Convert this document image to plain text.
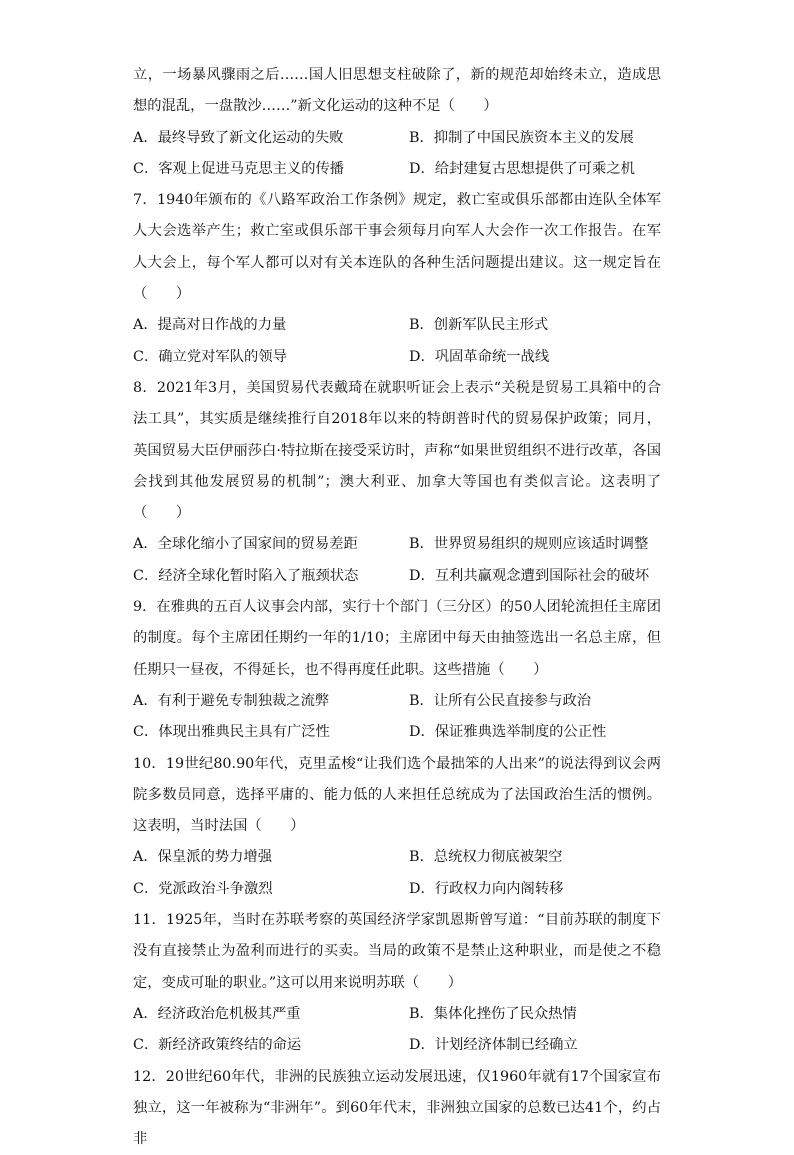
立，一场暴风骤雨之后……国人旧思想支柱破除了，新的规范却始终未立，造成思想的混乱，一盘散沙……”新文化运动的这种不足（　　）

A．最终导致了新文化运动的失败	B．抑制了中国民族资本主义的发展
C．客观上促进马克思主义的传播	D．给封建复古思想提供了可乘之机

7．1940年颁布的《八路军政治工作条例》规定，救亡室或俱乐部都由连队全体军人大会选举产生；救亡室或俱乐部干事会须每月向军人大会作一次工作报告。在军人大会上，每个军人都可以对有关本连队的各种生活问题提出建议。这一规定旨在（　　）

A．提高对日作战的力量	B．创新军队民主形式
C．确立党对军队的领导	D．巩固革命统一战线

8．2021年3月，美国贸易代表戴琦在就职听证会上表示“关税是贸易工具箱中的合法工具”，其实质是继续推行自2018年以来的特朗普时代的贸易保护政策；同月，英国贸易大臣伊丽莎白·特拉斯在接受采访时，声称“如果世贸组织不进行改革，各国会找到其他发展贸易的机制”；澳大利亚、加拿大等国也有类似言论。这表明了（　　）

A．全球化缩小了国家间的贸易差距	B．世界贸易组织的规则应该适时调整
C．经济全球化暂时陷入了瓶颈状态	D．互利共赢观念遭到国际社会的破坏

9．在雅典的五百人议事会内部，实行十个部门（三分区）的50人团轮流担任主席团的制度。每个主席团任期约一年的1/10；主席团中每天由抽签选出一名总主席，但任期只一昼夜，不得延长，也不得再度任此职。这些措施（　　）

A．有利于避免专制独裁之流弊	B．让所有公民直接参与政治
C．体现出雅典民主具有广泛性	D．保证雅典选举制度的公正性

10．19世纪80.90年代，克里孟梭“让我们选个最拙笨的人出来”的说法得到议会两院多数员同意，选择平庸的、能力低的人来担任总统成为了法国政治生活的惯例。这表明，当时法国（　　）

A．保皇派的势力增强	B．总统权力彻底被架空
C．党派政治斗争激烈	D．行政权力向内阁转移

11．1925年，当时在苏联考察的英国经济学家凯恩斯曾写道：“目前苏联的制度下没有直接禁止为盈利而进行的买卖。当局的政策不是禁止这种职业，而是使之不稳定，变成可耻的职业。”这可以用来说明苏联（　　）

A．经济政治危机极其严重	B．集体化挫伤了民众热情
C．新经济政策终结的命运	D．计划经济体制已经确立

12．20世纪60年代，非洲的民族独立运动发展迅速，仅1960年就有17个国家宣布独立，这一年被称为“非洲年”。到60年代末，非洲独立国家的总数已达41个，约占非
